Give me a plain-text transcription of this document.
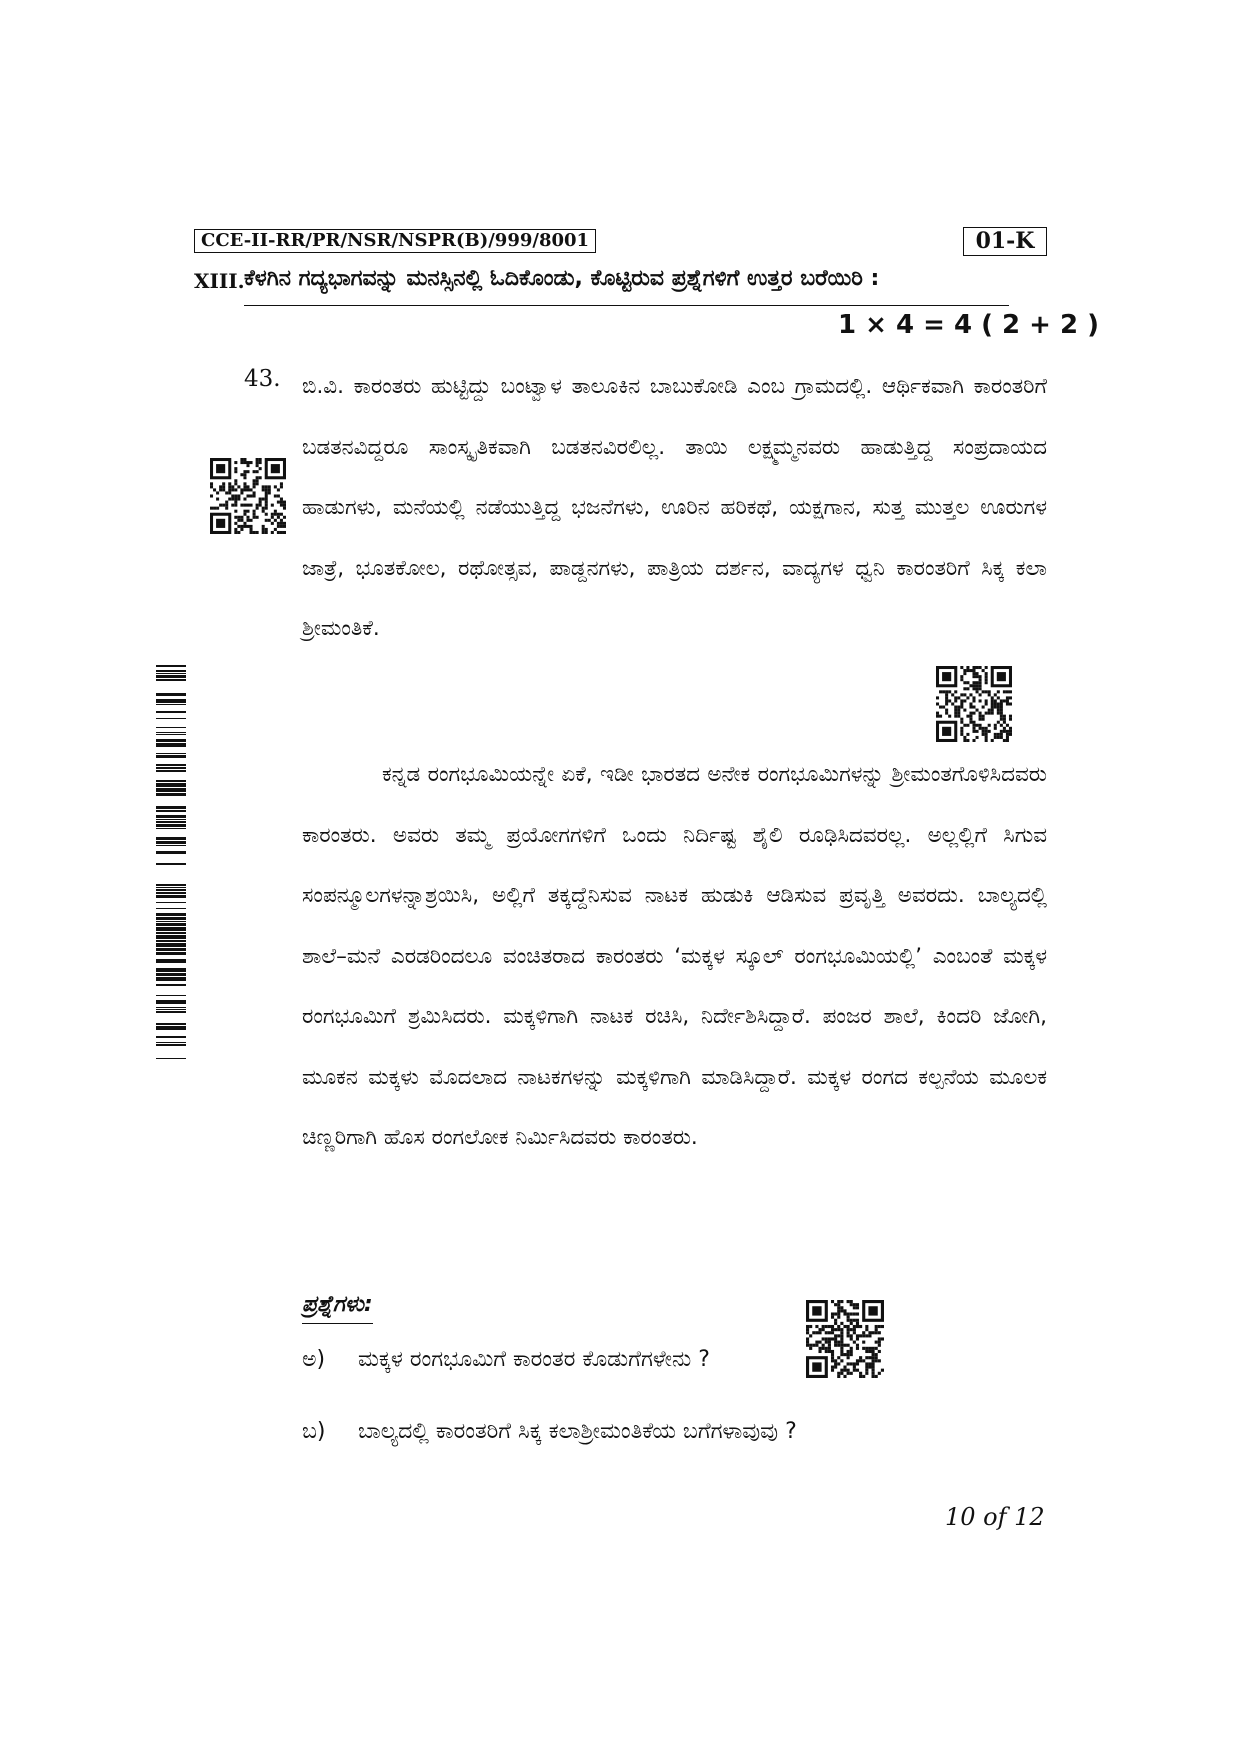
CCE-II-RR/PR/NSR/NSPR(B)/999/8001	01-K
XIII. ಕೆಳಗಿನ ಗದ್ಯಭಾಗವನ್ನು ಮನಸ್ಸಿನಲ್ಲಿ ಓದಿಕೊಂಡು, ಕೊಟ್ಟಿರುವ ಪ್ರಶ್ನೆಗಳಿಗೆ ಉತ್ತರ ಬರೆಯಿರಿ :
1 × 4 = 4 ( 2 + 2 )
43. ಬಿ.ವಿ. ಕಾರಂತರು ಹುಟ್ಟಿದ್ದು ಬಂಟ್ವಾಳ ತಾಲೂಕಿನ ಬಾಬುಕೋಡಿ ಎಂಬ ಗ್ರಾಮದಲ್ಲಿ. ಆರ್ಥಿಕವಾಗಿ ಕಾರಂತರಿಗೆ ಬಡತನವಿದ್ದರೂ ಸಾಂಸ್ಕೃತಿಕವಾಗಿ ಬಡತನವಿರಲಿಲ್ಲ. ತಾಯಿ ಲಕ್ಷ್ಮಮ್ಮನವರು ಹಾಡುತ್ತಿದ್ದ ಸಂಪ್ರದಾಯದ ಹಾಡುಗಳು, ಮನೆಯಲ್ಲಿ ನಡೆಯುತ್ತಿದ್ದ ಭಜನೆಗಳು, ಊರಿನ ಹರಿಕಥೆ, ಯಕ್ಷಗಾನ, ಸುತ್ತ ಮುತ್ತಲ ಊರುಗಳ ಜಾತ್ರೆ, ಭೂತಕೋಲ, ರಥೋತ್ಸವ, ಪಾಡ್ದನಗಳು, ಪಾತ್ರಿಯ ದರ್ಶನ, ವಾದ್ಯಗಳ ಧ್ವನಿ ಕಾರಂತರಿಗೆ ಸಿಕ್ಕ ಕಲಾ ಶ್ರೀಮಂತಿಕೆ.

ಕನ್ನಡ ರಂಗಭೂಮಿಯನ್ನೇ ಏಕೆ, ಇಡೀ ಭಾರತದ ಅನೇಕ ರಂಗಭೂಮಿಗಳನ್ನು ಶ್ರೀಮಂತಗೊಳಿಸಿದವರು ಕಾರಂತರು. ಅವರು ತಮ್ಮ ಪ್ರಯೋಗಗಳಿಗೆ ಒಂದು ನಿರ್ದಿಷ್ಟ ಶೈಲಿ ರೂಢಿಸಿದವರಲ್ಲ. ಅಲ್ಲಲ್ಲಿಗೆ ಸಿಗುವ ಸಂಪನ್ಮೂಲಗಳನ್ನಾಶ್ರಯಿಸಿ, ಅಲ್ಲಿಗೆ ತಕ್ಕದ್ದೆನಿಸುವ ನಾಟಕ ಹುಡುಕಿ ಆಡಿಸುವ ಪ್ರವೃತ್ತಿ ಅವರದು. ಬಾಲ್ಯದಲ್ಲಿ ಶಾಲೆ–ಮನೆ ಎರಡರಿಂದಲೂ ವಂಚಿತರಾದ ಕಾರಂತರು ‘ಮಕ್ಕಳ ಸ್ಕೂಲ್ ರಂಗಭೂಮಿಯಲ್ಲಿ’ ಎಂಬಂತೆ ಮಕ್ಕಳ ರಂಗಭೂಮಿಗೆ ಶ್ರಮಿಸಿದರು. ಮಕ್ಕಳಿಗಾಗಿ ನಾಟಕ ರಚಿಸಿ, ನಿರ್ದೇಶಿಸಿದ್ದಾರೆ. ಪಂಜರ ಶಾಲೆ, ಕಿಂದರಿ ಜೋಗಿ, ಮೂಕನ ಮಕ್ಕಳು ಮೊದಲಾದ ನಾಟಕಗಳನ್ನು ಮಕ್ಕಳಿಗಾಗಿ ಮಾಡಿಸಿದ್ದಾರೆ. ಮಕ್ಕಳ ರಂಗದ ಕಲ್ಪನೆಯ ಮೂಲಕ ಚಿಣ್ಣರಿಗಾಗಿ ಹೊಸ ರಂಗಲೋಕ ನಿರ್ಮಿಸಿದವರು ಕಾರಂತರು.

ಪ್ರಶ್ನೆಗಳು:
ಅ) ಮಕ್ಕಳ ರಂಗಭೂಮಿಗೆ ಕಾರಂತರ ಕೊಡುಗೆಗಳೇನು ?
ಬ) ಬಾಲ್ಯದಲ್ಲಿ ಕಾರಂತರಿಗೆ ಸಿಕ್ಕ ಕಲಾಶ್ರೀಮಂತಿಕೆಯ ಬಗೆಗಳಾವುವು ?
10 of 12
